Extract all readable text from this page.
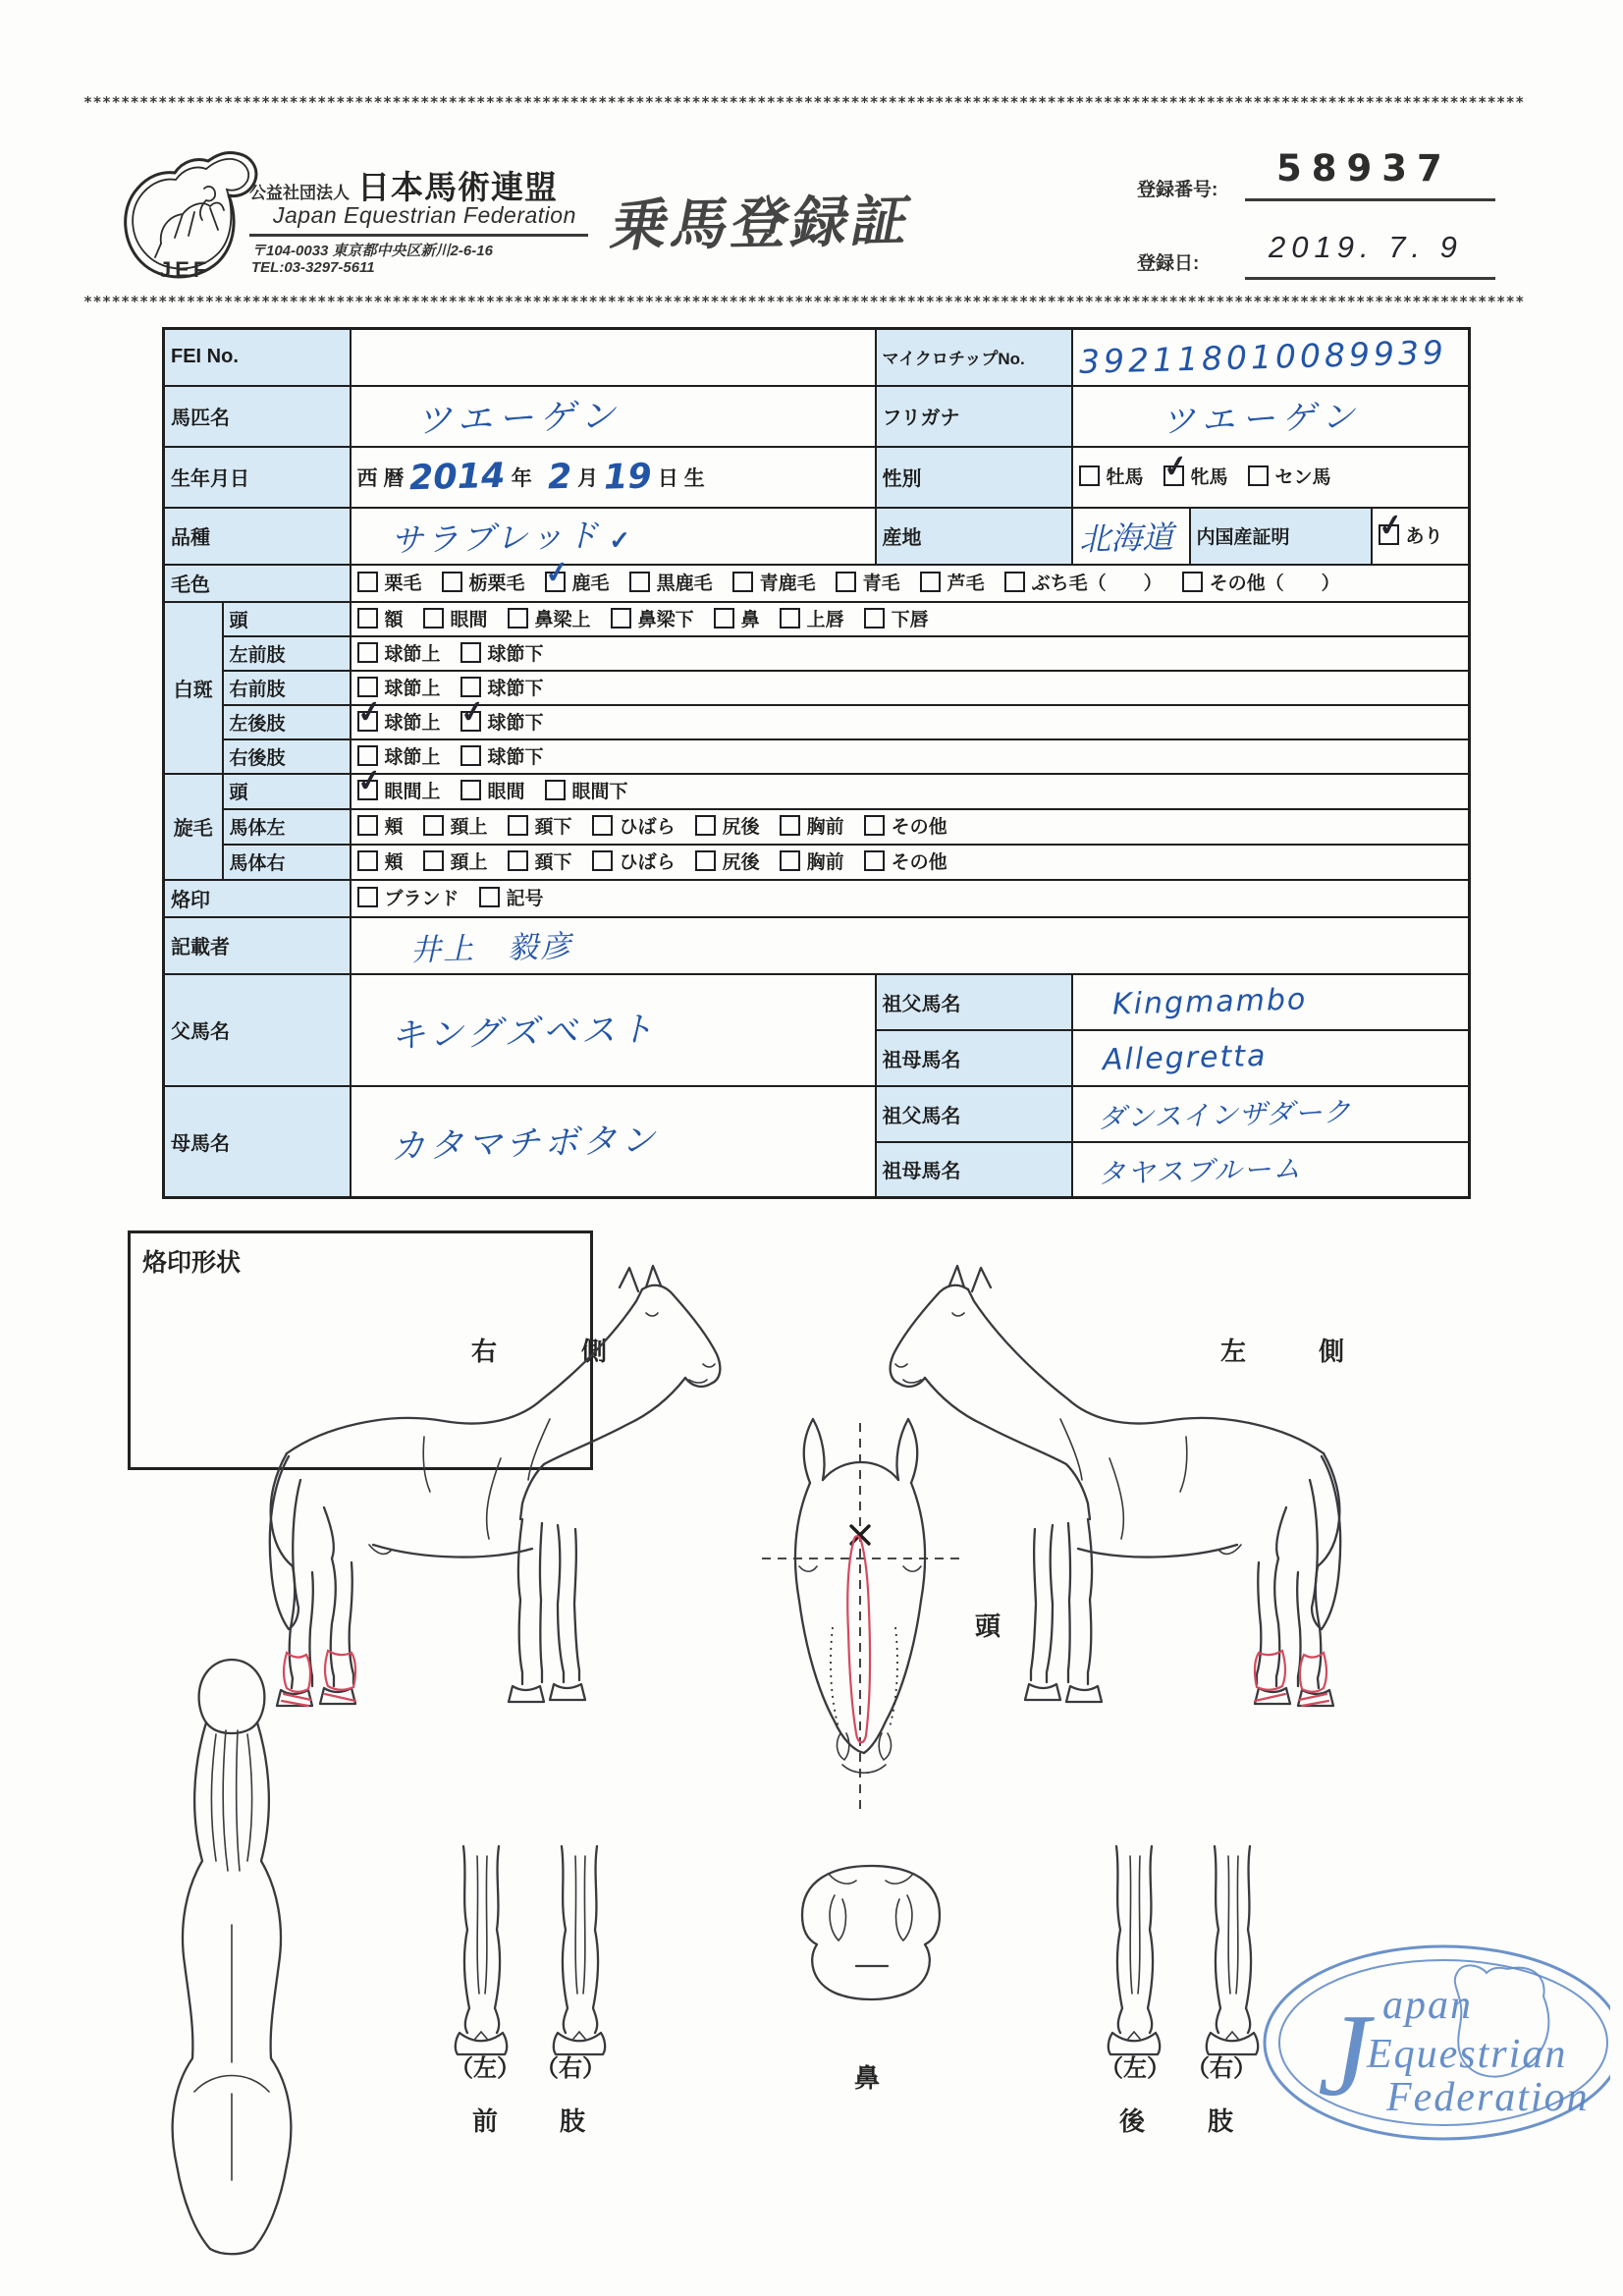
**********************************************************************************************************************************************************
JEF
公益社団法人 日本馬術連盟
Japan Equestrian Federation
〒104-0033 東京都中央区新川2-6-16
TEL:03-3297-5611
乗馬登録証	登録番号:
58937
登録日: 2019. 7. 9
**********************************************************************************************************************************************************
FEI No.			マイクロチップNo.	392118010089939		
馬匹名		ツエーゲン	フリガナ	ツエーゲン		
生年月日	西 暦 2014 年 2 月 19 日 生	性別	牡馬 ✓ 牝馬	セン馬

品種		サラブレッド ✓	産地	北海道	内国産証明	✓ あり

毛色	栗毛	栃栗毛 ✓ 鹿毛	黒鹿毛	青鹿毛	青毛	芦毛	ぶち毛（　　）	その他（　　）

白斑	頭	額	眼間	鼻梁上	鼻梁下	鼻	上唇	下唇

	左前肢	球節上 球節下				

	右前肢	球節上 球節下				

	左後肢	✓ 球節上 ✓ 球節下				

	右後肢	球節上 球節下				

旋毛	頭	✓ 眼間上 眼間 眼間下				

馬体左	頬	頚上	頚下	ひばら	尻後	胸前	その他

馬体右	頬	頚上	頚下	ひばら	尻後	胸前	その他

烙印		ブランド 記号				

記載者		井上　毅彦				
父馬名		キングズベスト	祖父馬名	Kingmambo		
			祖母馬名	Allegretta		
母馬名		カタマチボタン	祖父馬名	ダンスインザダーク		
			祖母馬名	タヤスブルーム		
烙印形状
右	側	左	側
頭
鼻
（左） （右）
前 肢
（左） （右）
後 肢
J apan
Equestrian
Federation
